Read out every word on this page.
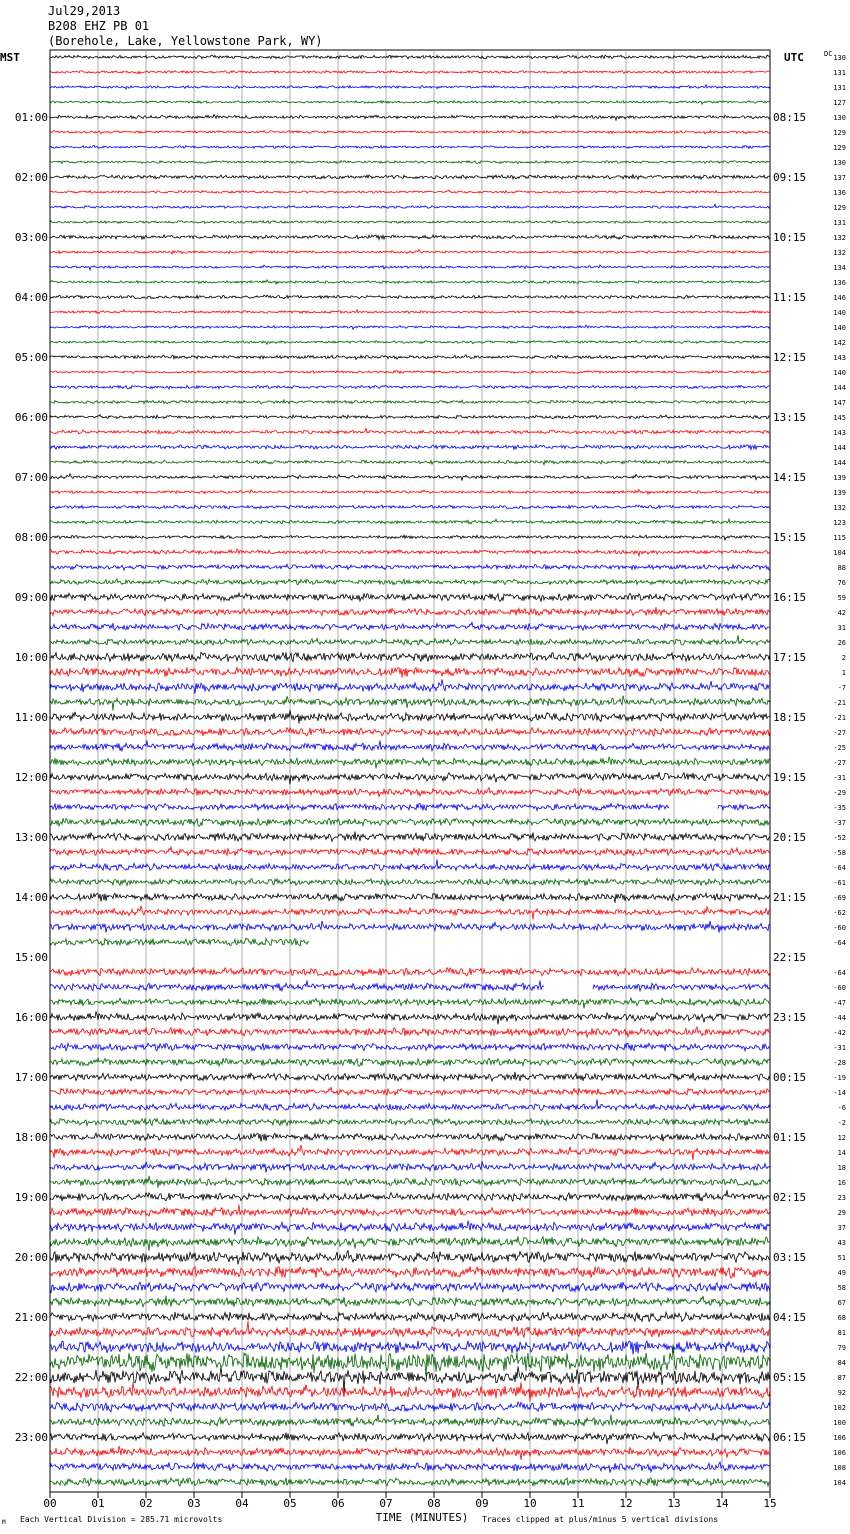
Jul29,2013
B208 EHZ PB 01
(Borehole, Lake, Yellowstone Park, WY)
MST	UTC	DC 130
131
131
127
130
129
129
130
137
136
129
131
132
132
134
136
146
140
140
142
143
140
144
147
145
143
144
144
139
139
132
123
115
104
88
76
59
42
31
26
2
1
-7
-21
-21
-27
-25
-27
-31
-29
-35
-37
-52
-58
-64
-61
-69
-62
-60
-64
-64
-60
-47
-44
-42
-31
-28
-19
-14
-6
-2
12
14
18
16
23
29
37
43
51
49
58
67
68
81
79
84
87
92
102
100
106
106
108
104
01:00	08:15
02:00	09:15
03:00	10:15
04:00	11:15
05:00	12:15
06:00	13:15
07:00	14:15
08:00	15:15
09:00	16:15
10:00	17:15
11:00	18:15
12:00	19:15
13:00	20:15
14:00	21:15
15:00	22:15
16:00	23:15
17:00	00:15
18:00	01:15
19:00	02:15
20:00	03:15
21:00	04:15
22:00	05:15
23:00	06:15
00	01	02	03	04	05	06	07	08	09	10	11	12	13	14	15
TIME (MINUTES)
M Each Vertical Division = 285.71 microvolts	Traces clipped at plus/minus 5 vertical divisions
